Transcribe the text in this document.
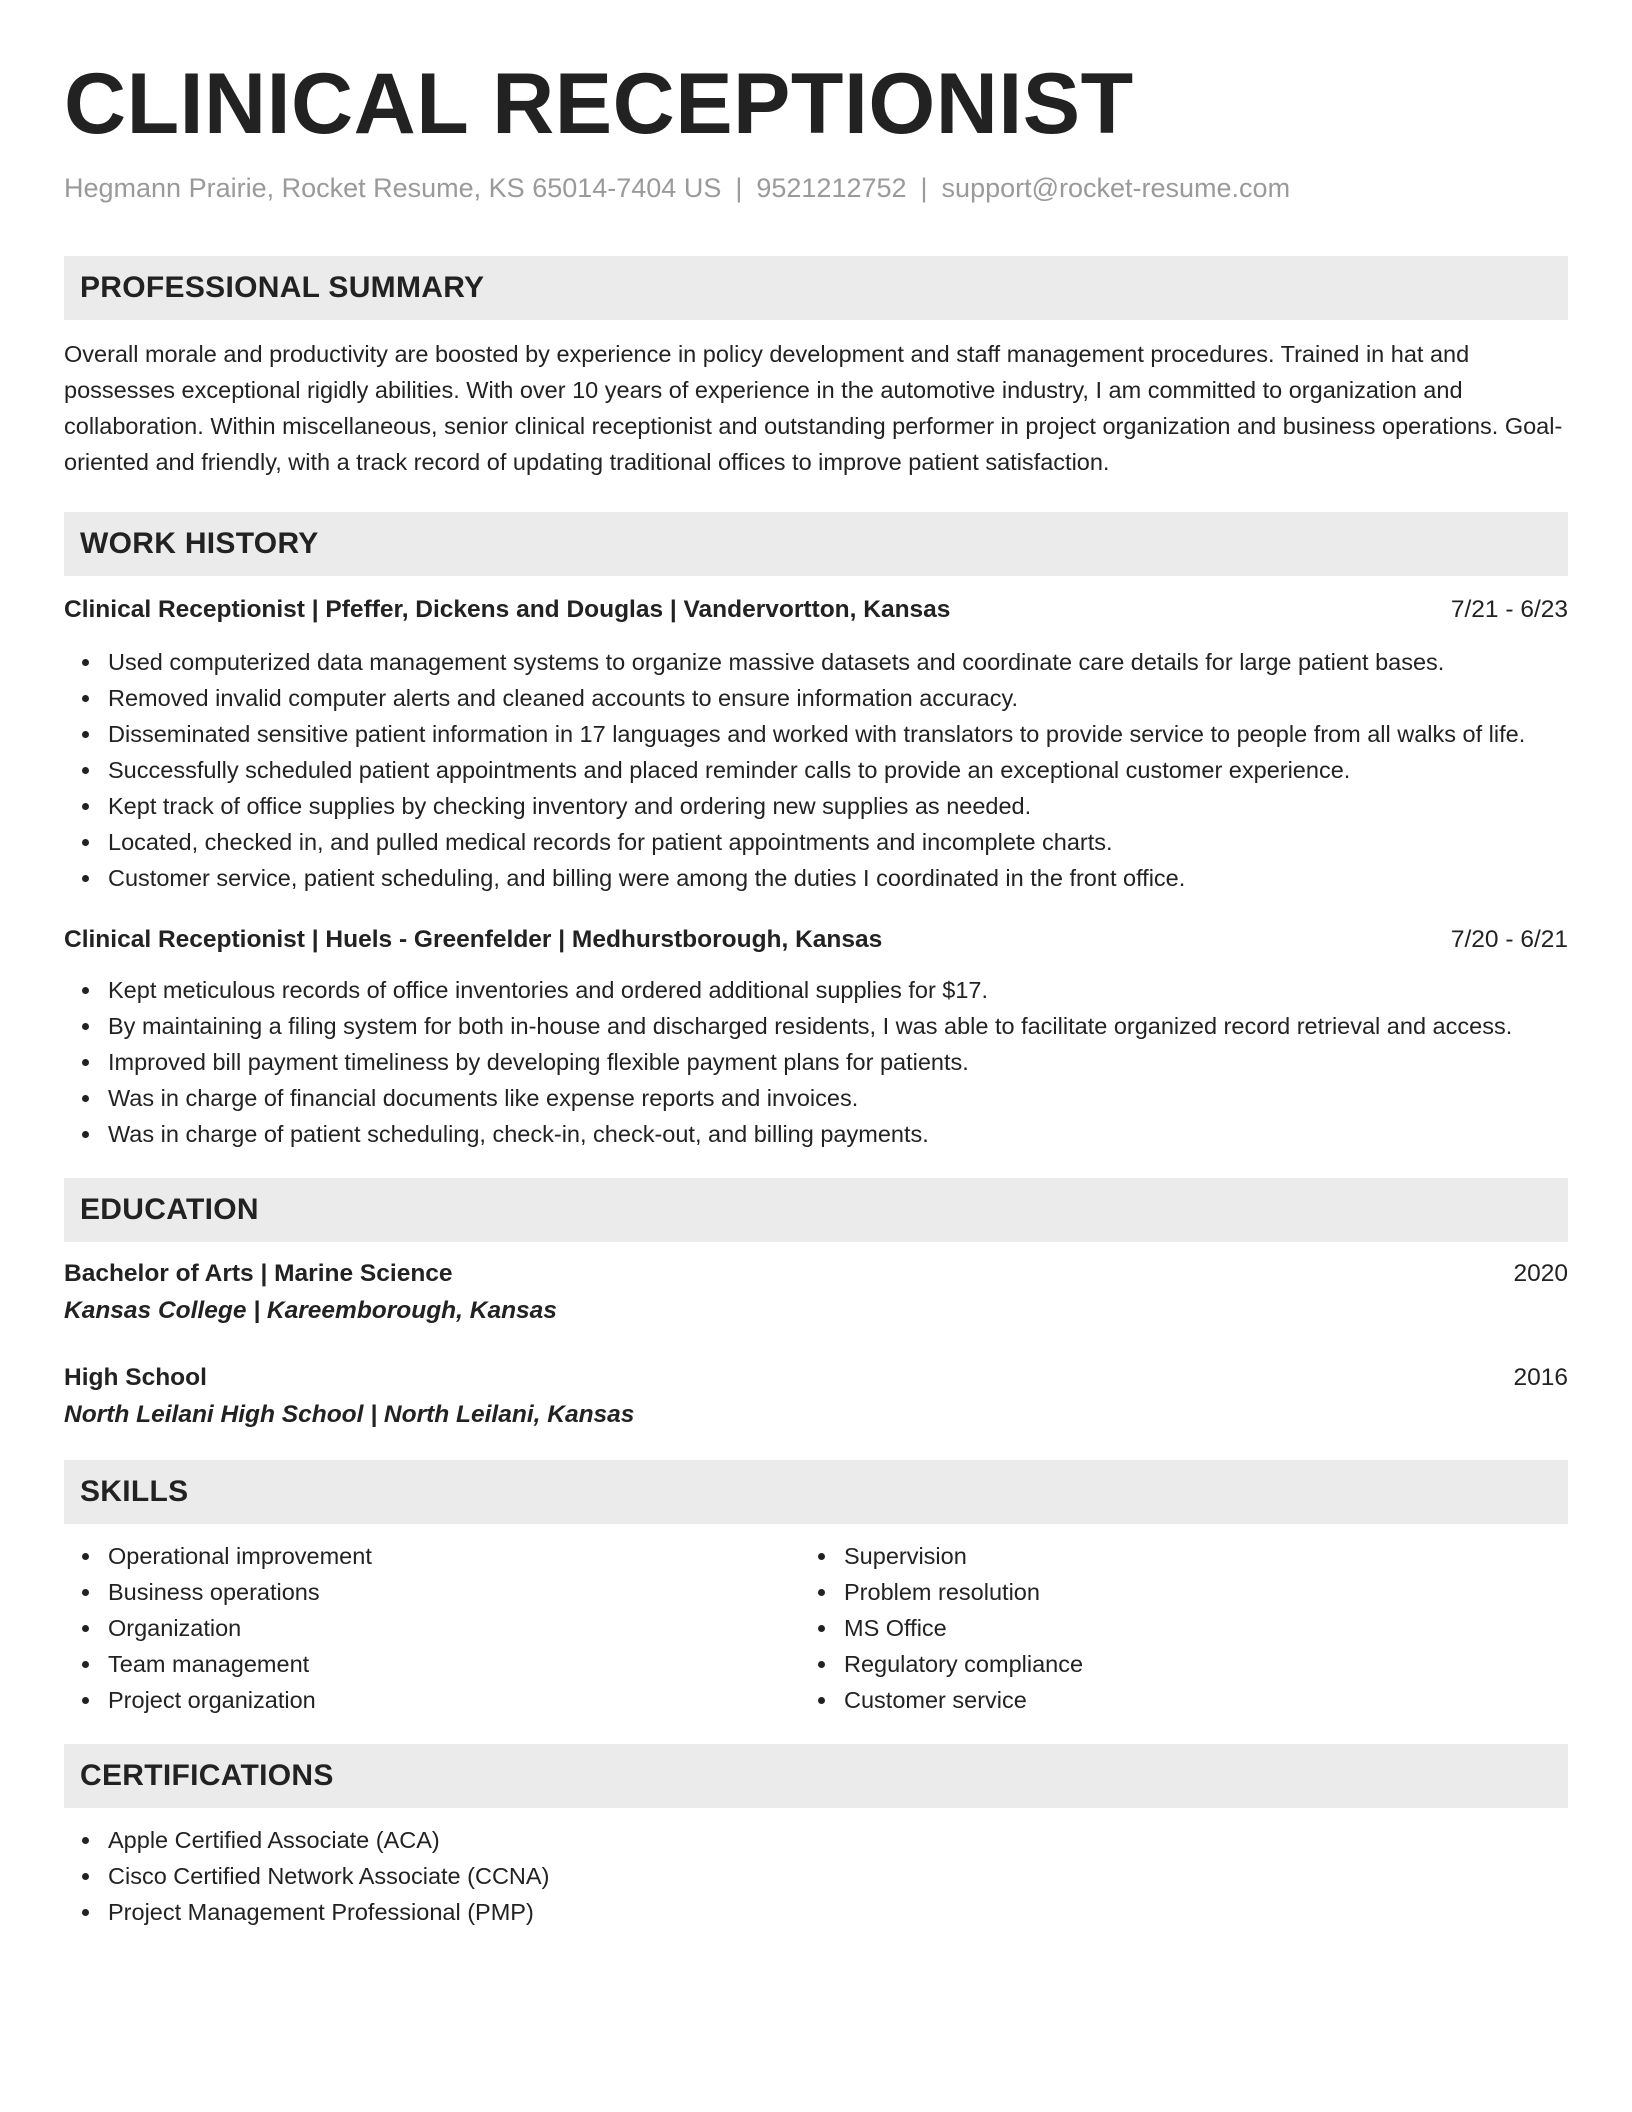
CLINICAL RECEPTIONIST
Hegmann Prairie, Rocket Resume, KS 65014-7404 US | 9521212752 | support@rocket-resume.com
PROFESSIONAL SUMMARY

Overall morale and productivity are boosted by experience in policy development and staff management procedures. Trained in hat and possesses exceptional rigidly abilities. With over 10 years of experience in the automotive industry, I am committed to organization and collaboration. Within miscellaneous, senior clinical receptionist and outstanding performer in project organization and business operations. Goal-oriented and friendly, with a track record of updating traditional offices to improve patient satisfaction.

WORK HISTORY
Clinical Receptionist | Pfeffer, Dickens and Douglas | Vandervortton, Kansas	7/21 - 6/23
Used computerized data management systems to organize massive datasets and coordinate care details for large patient bases.
Removed invalid computer alerts and cleaned accounts to ensure information accuracy.
Disseminated sensitive patient information in 17 languages and worked with translators to provide service to people from all walks of life.
Successfully scheduled patient appointments and placed reminder calls to provide an exceptional customer experience.
Kept track of office supplies by checking inventory and ordering new supplies as needed.
Located, checked in, and pulled medical records for patient appointments and incomplete charts.
Customer service, patient scheduling, and billing were among the duties I coordinated in the front office.
Clinical Receptionist | Huels - Greenfelder | Medhurstborough, Kansas	7/20 - 6/21
Kept meticulous records of office inventories and ordered additional supplies for $17.
By maintaining a filing system for both in-house and discharged residents, I was able to facilitate organized record retrieval and access.
Improved bill payment timeliness by developing flexible payment plans for patients.
Was in charge of financial documents like expense reports and invoices.
Was in charge of patient scheduling, check-in, check-out, and billing payments.
EDUCATION
Bachelor of Arts | Marine Science	2020
Kansas College | Kareemborough, Kansas
High School	2016
North Leilani High School | North Leilani, Kansas
SKILLS
Operational improvement
Business operations
Organization
Team management
Project organization
Supervision
Problem resolution
MS Office
Regulatory compliance
Customer service
CERTIFICATIONS
Apple Certified Associate (ACA)
Cisco Certified Network Associate (CCNA)
Project Management Professional (PMP)
